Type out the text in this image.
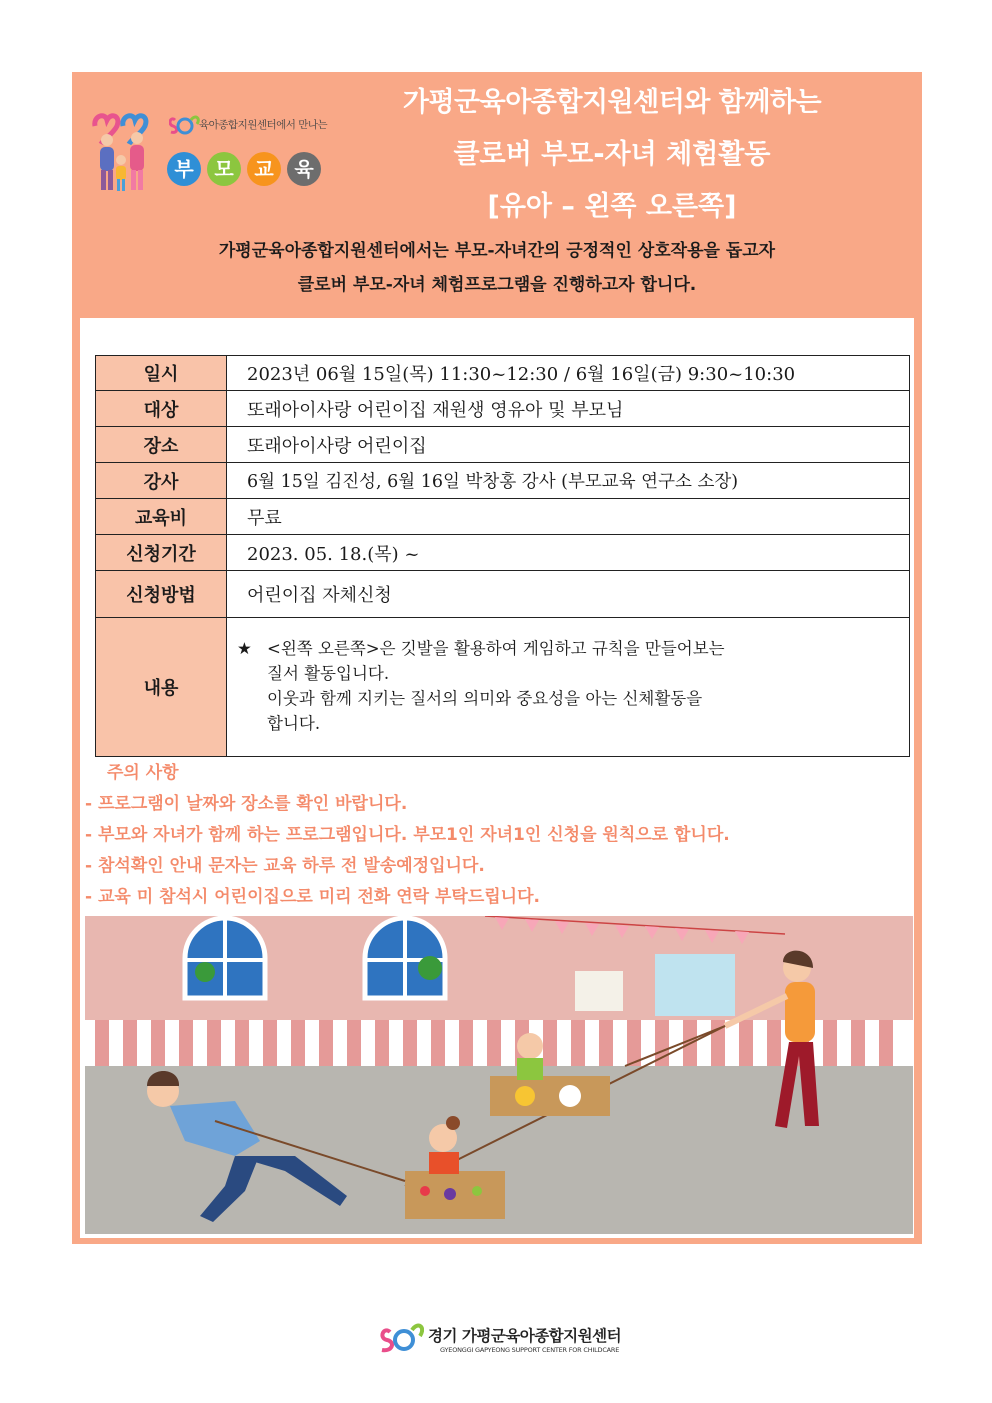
육아종합지원센터에서 만나는
부	모	교	육
가평군육아종합지원센터와 함께하는
클로버 부모-자녀 체험활동
[유아 – 왼쪽 오른쪽]
가평군육아종합지원센터에서는 부모-자녀간의 긍정적인 상호작용을 돕고자
클로버 부모-자녀 체험프로그램을 진행하고자 합니다.
일시	2023년 06월 15일(목) 11:30~12:30 / 6월 16일(금) 9:30~10:30
대상	또래아이사랑 어린이집 재원생 영유아 및 부모님
장소	또래아이사랑 어린이집
강사	6월 15일 김진성, 6월 16일 박창홍 강사 (부모교육 연구소 소장)
교육비	무료
신청기간	2023. 05. 18.(목) ~
신청방법	어린이집 자체신청
내용	★ <왼쪽 오른쪽>은 깃발을 활용하여 게임하고 규칙을 만들어보는
질서 활동입니다.
이웃과 함께 지키는 질서의 의미와 중요성을 아는 신체활동을
합니다.
주의 사항
- 프로그램이 날짜와 장소를 확인 바랍니다.
- 부모와 자녀가 함께 하는 프로그램입니다. 부모1인 자녀1인 신청을 원칙으로 합니다.
- 참석확인 안내 문자는 교육 하루 전 발송예정입니다.
- 교육 미 참석시 어린이집으로 미리 전화 연락 부탁드립니다.
경기 가평군육아종합지원센터
GYEONGGI GAPYEONG SUPPORT CENTER FOR CHILDCARE
